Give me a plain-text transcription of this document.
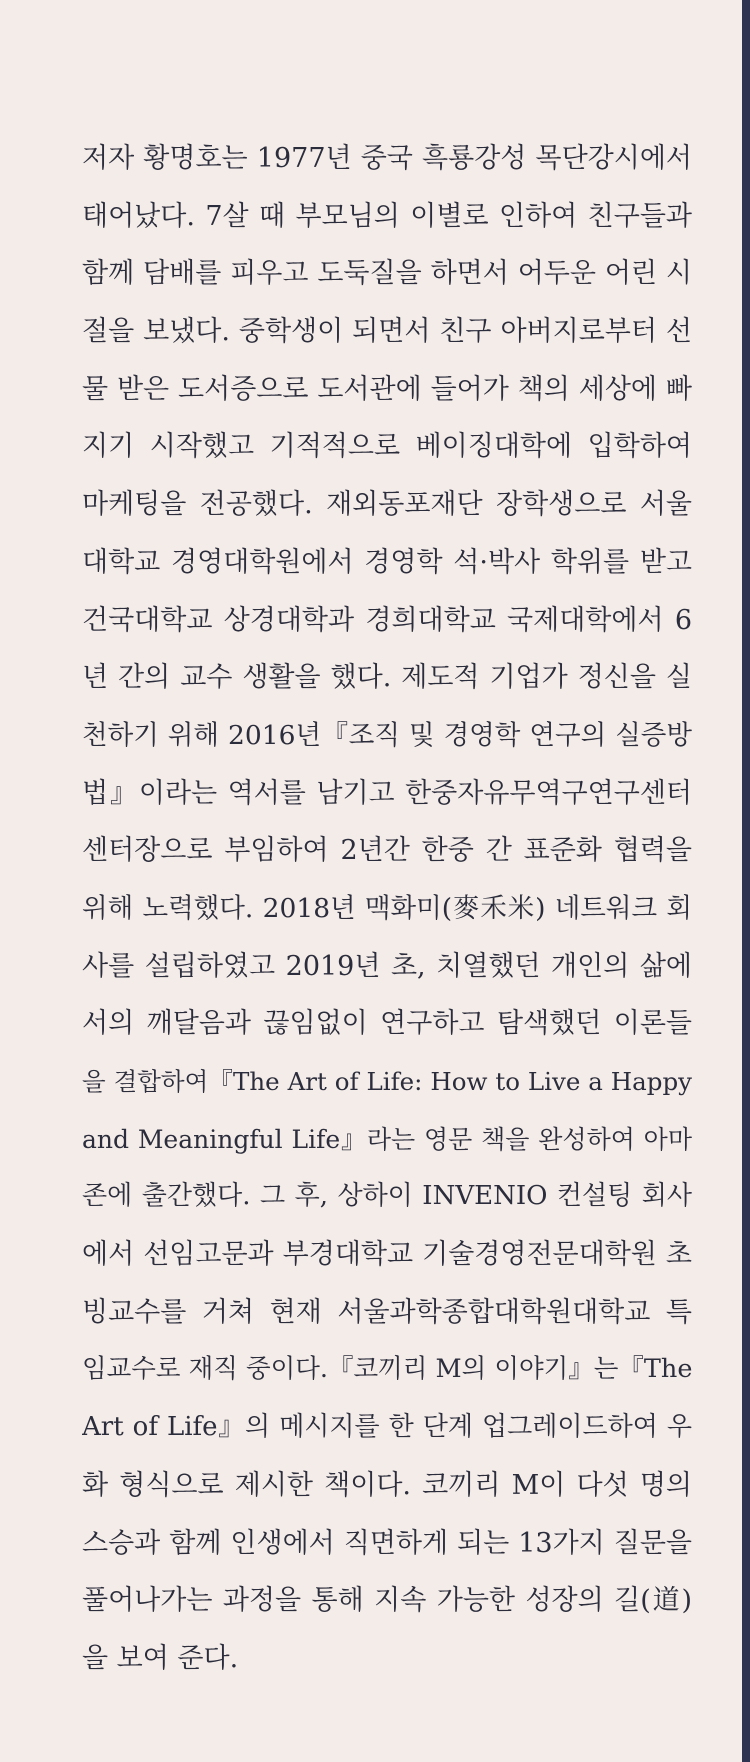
저자 황명호는 1977년 중국 흑룡강성 목단강시에서
태어났다. 7살 때 부모님의 이별로 인하여 친구들과
함께 담배를 피우고 도둑질을 하면서 어두운 어린 시
절을 보냈다. 중학생이 되면서 친구 아버지로부터 선
물 받은 도서증으로 도서관에 들어가 책의 세상에 빠
지기 시작했고 기적적으로 베이징대학에 입학하여
마케팅을 전공했다. 재외동포재단 장학생으로 서울
대학교 경영대학원에서 경영학 석·박사 학위를 받고
건국대학교 상경대학과 경희대학교 국제대학에서 6
년 간의 교수 생활을 했다. 제도적 기업가 정신을 실
천하기 위해 2016년『조직 및 경영학 연구의 실증방
법』이라는 역서를 남기고 한중자유무역구연구센터
센터장으로 부임하여 2년간 한중 간 표준화 협력을
위해 노력했다. 2018년 맥화미(麥禾米) 네트워크 회
사를 설립하였고 2019년 초, 치열했던 개인의 삶에
서의 깨달음과 끊임없이 연구하고 탐색했던 이론들
을 결합하여『The Art of Life: How to Live a Happy
and Meaningful Life』라는 영문 책을 완성하여 아마
존에 출간했다. 그 후, 상하이 INVENIO 컨설팅 회사
에서 선임고문과 부경대학교 기술경영전문대학원 초
빙교수를 거쳐 현재 서울과학종합대학원대학교 특
임교수로 재직 중이다.『코끼리 M의 이야기』는『The
Art of Life』의 메시지를 한 단계 업그레이드하여 우
화 형식으로 제시한 책이다. 코끼리 M이 다섯 명의
스승과 함께 인생에서 직면하게 되는 13가지 질문을
풀어나가는 과정을 통해 지속 가능한 성장의 길(道)
을 보여 준다.
